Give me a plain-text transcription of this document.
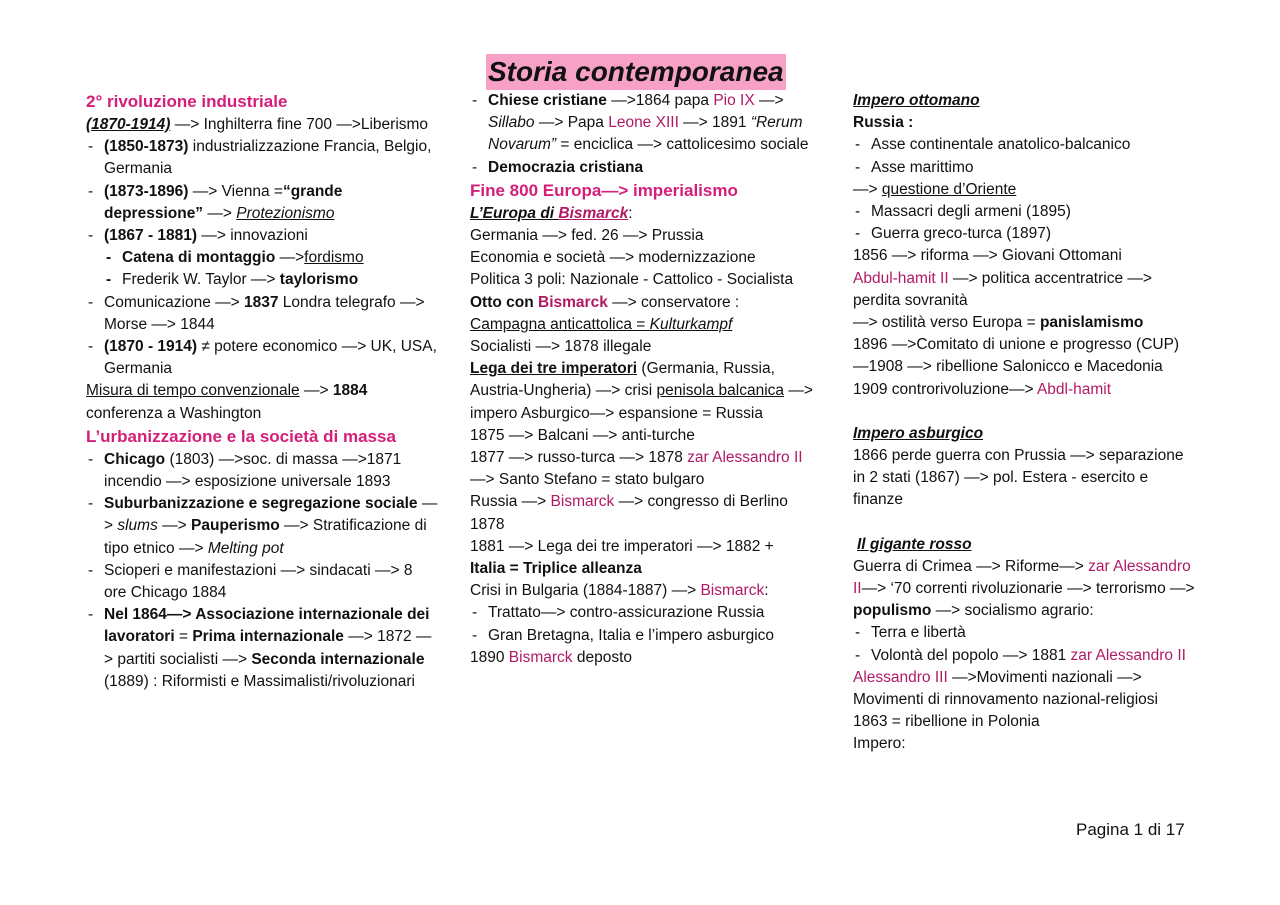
Storia contemporanea

2° rivoluzione industriale

(1870-1914) —> Inghilterra fine 700 —>Liberismo

- (1850-1873) industrializzazione Francia, Belgio, Germania

- (1873-1896) —> Vienna =“grande depressione” —> Protezionismo

- (1867 - 1881) —> innovazioni

- Catena di montaggio —>fordismo

- Frederik W. Taylor —> taylorismo

- Comunicazione —> 1837 Londra telegrafo —> Morse —> 1844

- (1870 - 1914) ≠ potere economico —> UK, USA, Germania

Misura di tempo convenzionale —> 1884 conferenza a Washington

L’urbanizzazione e la società di massa

- Chicago (1803) —>soc. di massa —>1871 incendio —> esposizione universale 1893

- Suburbanizzazione e segregazione sociale —> slums —> Pauperismo —> Stratificazione di tipo etnico —> Melting pot

- Scioperi e manifestazioni —> sindacati —> 8 ore Chicago 1884

- Nel 1864—> Associazione internazionale dei lavoratori = Prima internazionale —> 1872 —> partiti socialisti —> Seconda internazionale (1889) : Riformisti e Massimalisti/rivoluzionari

- Chiese cristiane —>1864 papa Pio IX —> Sillabo —> Papa Leone XIII —> 1891 “Rerum Novarum” = enciclica —> cattolicesimo sociale

- Democrazia cristiana

Fine 800 Europa—> imperialismo

L’Europa di Bismarck:

Germania —> fed. 26 —> Prussia

Economia e società —> modernizzazione

Politica 3 poli: Nazionale - Cattolico - Socialista

Otto con Bismarck —> conservatore :

Campagna anticattolica = Kulturkampf

Socialisti —> 1878 illegale

Lega dei tre imperatori (Germania, Russia, Austria-Ungheria) —> crisi penisola balcanica —> impero Asburgico—> espansione = Russia

1875 —> Balcani —> anti-turche

1877 —> russo-turca —> 1878 zar Alessandro II —> Santo Stefano = stato bulgaro

Russia —> Bismarck —> congresso di Berlino 1878

1881 —> Lega dei tre imperatori —> 1882 +

Italia = Triplice alleanza

Crisi in Bulgaria (1884-1887) —> Bismarck:

- Trattato—> contro-assicurazione Russia

- Gran Bretagna, Italia e l’impero asburgico

1890 Bismarck deposto

Impero ottomano

Russia :

- Asse continentale anatolico-balcanico

- Asse marittimo

—> questione d’Oriente

- Massacri degli armeni (1895)

- Guerra greco-turca (1897)

1856 —> riforma —> Giovani Ottomani

Abdul-hamit II —> politica accentratrice —> perdita sovranità

—> ostilità verso Europa = panislamismo

1896 —>Comitato di unione e progresso (CUP) —1908 —> ribellione Salonicco e Macedonia

1909 controrivoluzione—> Abdl-hamit

Impero asburgico

1866 perde guerra con Prussia —> separazione in 2 stati (1867) —> pol. Estera - esercito e finanze

Il gigante rosso

Guerra di Crimea —> Riforme—> zar Alessandro II—> ‘70 correnti rivoluzionarie —> terrorismo —> populismo —> socialismo agrario:

- Terra e libertà

- Volontà del popolo —> 1881 zar Alessandro II

Alessandro III —>Movimenti nazionali —> Movimenti di rinnovamento nazional-religiosi

1863 = ribellione in Polonia

Impero:

Pagina 1 di 17
